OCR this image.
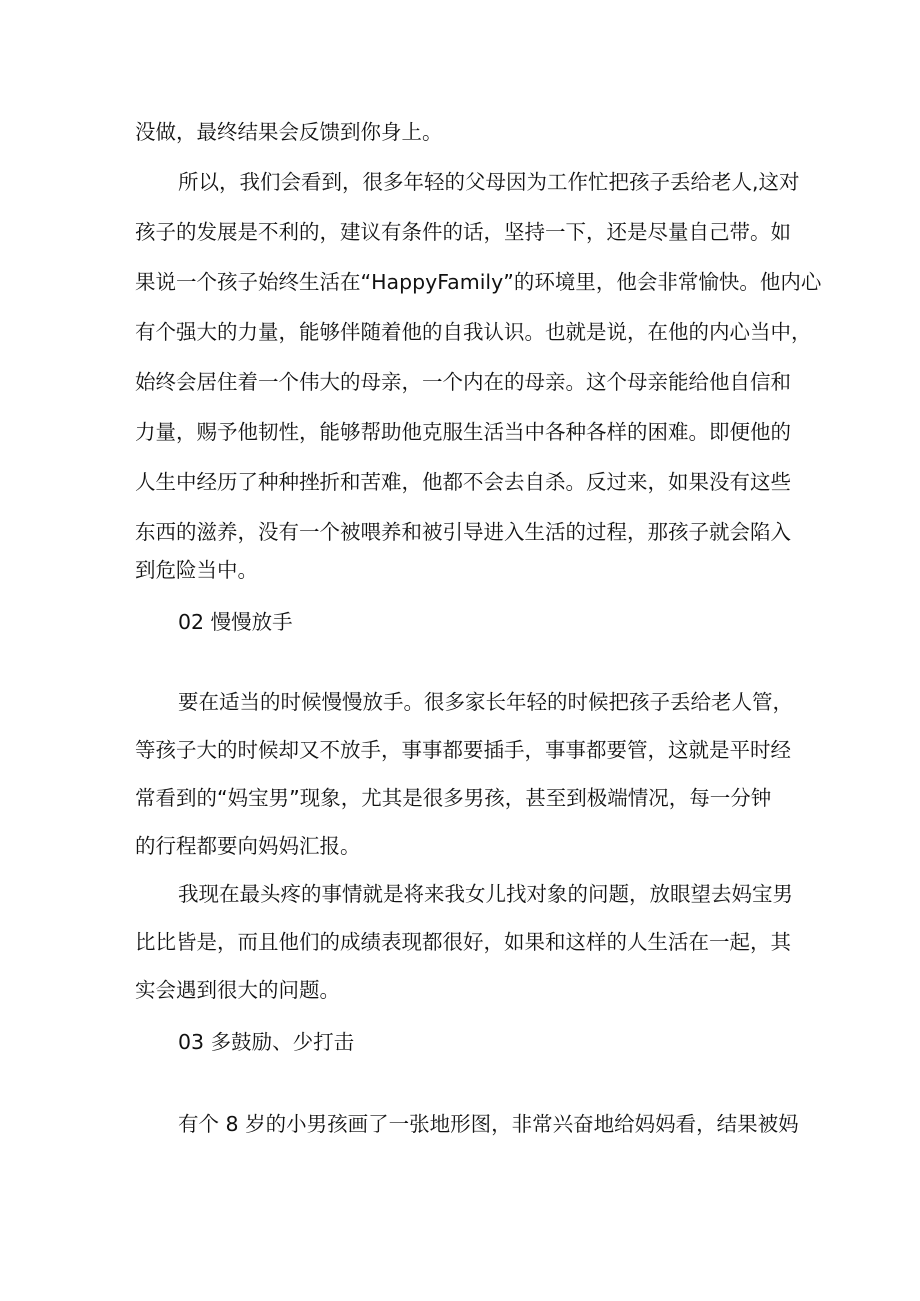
没做，最终结果会反馈到你身上。
所以，我们会看到，很多年轻的父母因为工作忙把孩子丢给老人,这对
孩子的发展是不利的，建议有条件的话，坚持一下，还是尽量自己带。如
果说一个孩子始终生活在“HappyFamily”的环境里，他会非常愉快。他内心
有个强大的力量，能够伴随着他的自我认识。也就是说，在他的内心当中，
始终会居住着一个伟大的母亲，一个内在的母亲。这个母亲能给他自信和
力量，赐予他韧性，能够帮助他克服生活当中各种各样的困难。即便他的
人生中经历了种种挫折和苦难，他都不会去自杀。反过来，如果没有这些
东西的滋养，没有一个被喂养和被引导进入生活的过程，那孩子就会陷入
到危险当中。
02 慢慢放手
要在适当的时候慢慢放手。很多家长年轻的时候把孩子丢给老人管，
等孩子大的时候却又不放手，事事都要插手，事事都要管，这就是平时经
常看到的“妈宝男”现象，尤其是很多男孩，甚至到极端情况，每一分钟
的行程都要向妈妈汇报。
我现在最头疼的事情就是将来我女儿找对象的问题，放眼望去妈宝男
比比皆是，而且他们的成绩表现都很好，如果和这样的人生活在一起，其
实会遇到很大的问题。
03 多鼓励、少打击
有个 8 岁的小男孩画了一张地形图，非常兴奋地给妈妈看，结果被妈
